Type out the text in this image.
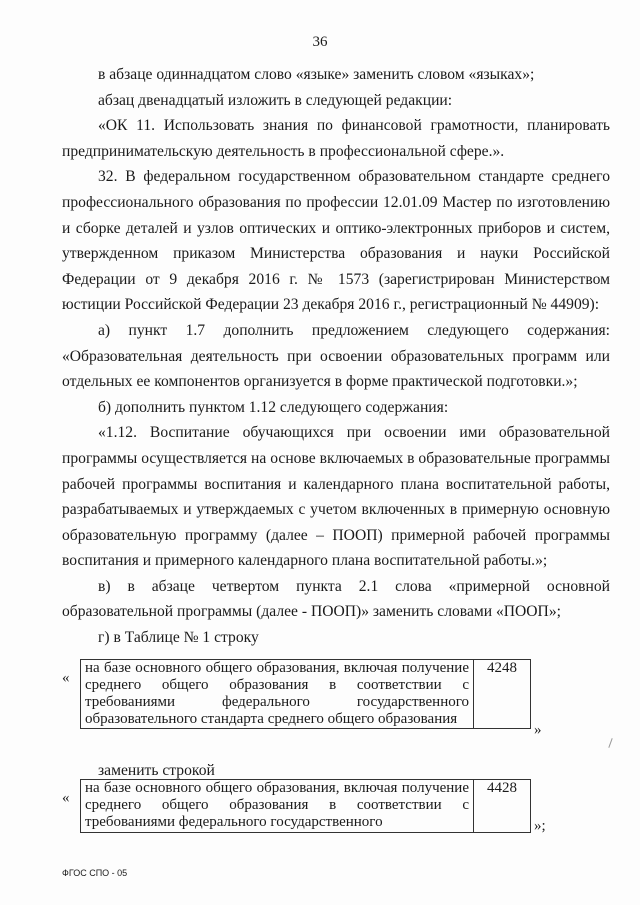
36

в абзаце одиннадцатом слово «языке» заменить словом «языках»;

абзац двенадцатый изложить в следующей редакции:

«ОК 11. Использовать знания по финансовой грамотности, планировать предпринимательскую деятельность в профессиональной сфере.».

32. В федеральном государственном образовательном стандарте среднего профессионального образования по профессии 12.01.09 Мастер по изготовлению и сборке деталей и узлов оптических и оптико-электронных приборов и систем, утвержденном приказом Министерства образования и науки Российской Федерации от 9 декабря 2016 г. № 1573 (зарегистрирован Министерством юстиции Российской Федерации 23 декабря 2016 г., регистрационный № 44909):

а) пункт 1.7 дополнить предложением следующего содержания: «Образовательная деятельность при освоении образовательных программ или отдельных ее компонентов организуется в форме практической подготовки.»;

б) дополнить пунктом 1.12 следующего содержания:

«1.12. Воспитание обучающихся при освоении ими образовательной программы осуществляется на основе включаемых в образовательные программы рабочей программы воспитания и календарного плана воспитательной работы, разрабатываемых и утверждаемых с учетом включенных в примерную основную образовательную программу (далее – ПООП) примерной рабочей программы воспитания и примерного календарного плана воспитательной работы.»;

в) в абзаце четвертом пункта 2.1 слова «примерной основной образовательной программы (далее - ПООП)» заменить словами «ПООП»;

г) в Таблице № 1 строку

«
на базе основного общего образования, включая получение среднего общего образования в соответствии с требованиями федерального государственного образовательного стандарта среднего общего образования	4248
»
заменить строкой
«
на базе основного общего образования, включая получение среднего общего образования в соответствии с требованиями федерального государственного	4428
»;
ФГОС СПО - 05
